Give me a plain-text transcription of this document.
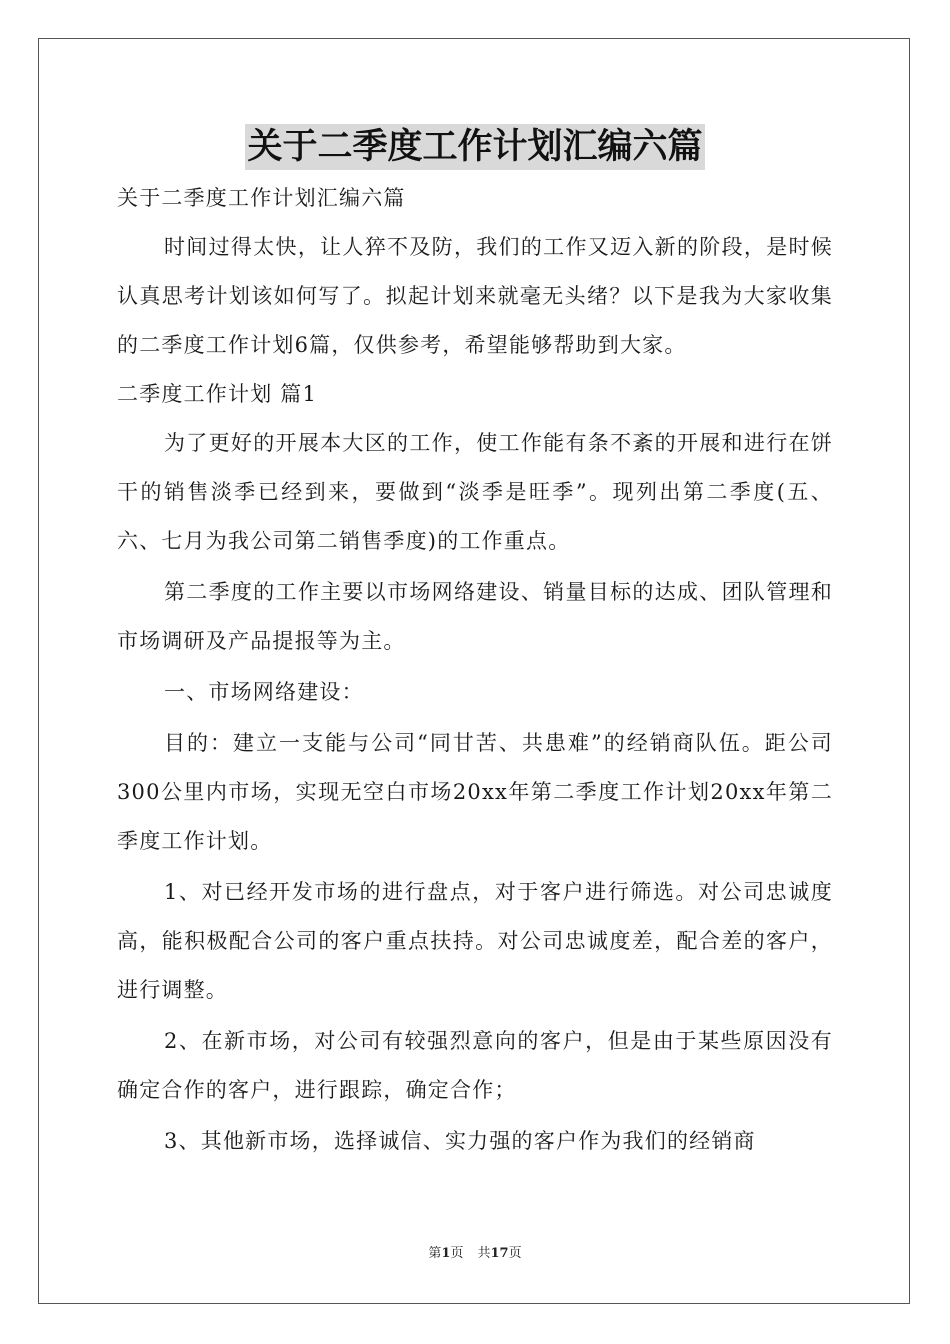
关于二季度工作计划汇编六篇

关于二季度工作计划汇编六篇

时间过得太快，让人猝不及防，我们的工作又迈入新的阶段，是时候认真思考计划该如何写了。拟起计划来就毫无头绪？以下是我为大家收集的二季度工作计划6篇，仅供参考，希望能够帮助到大家。

二季度工作计划 篇1

为了更好的开展本大区的工作，使工作能有条不紊的开展和进行在饼干的销售淡季已经到来，要做到“淡季是旺季”。现列出第二季度(五、六、七月为我公司第二销售季度)的工作重点。

第二季度的工作主要以市场网络建设、销量目标的达成、团队管理和市场调研及产品提报等为主。

一、市场网络建设：

目的：建立一支能与公司“同甘苦、共患难”的经销商队伍。距公司300公里内市场，实现无空白市场20xx年第二季度工作计划20xx年第二季度工作计划。

1、对已经开发市场的进行盘点，对于客户进行筛选。对公司忠诚度高，能积极配合公司的客户重点扶持。对公司忠诚度差，配合差的客户，进行调整。

2、在新市场，对公司有较强烈意向的客户，但是由于某些原因没有确定合作的客户，进行跟踪，确定合作；

3、其他新市场，选择诚信、实力强的客户作为我们的经销商

第1页 共17页
